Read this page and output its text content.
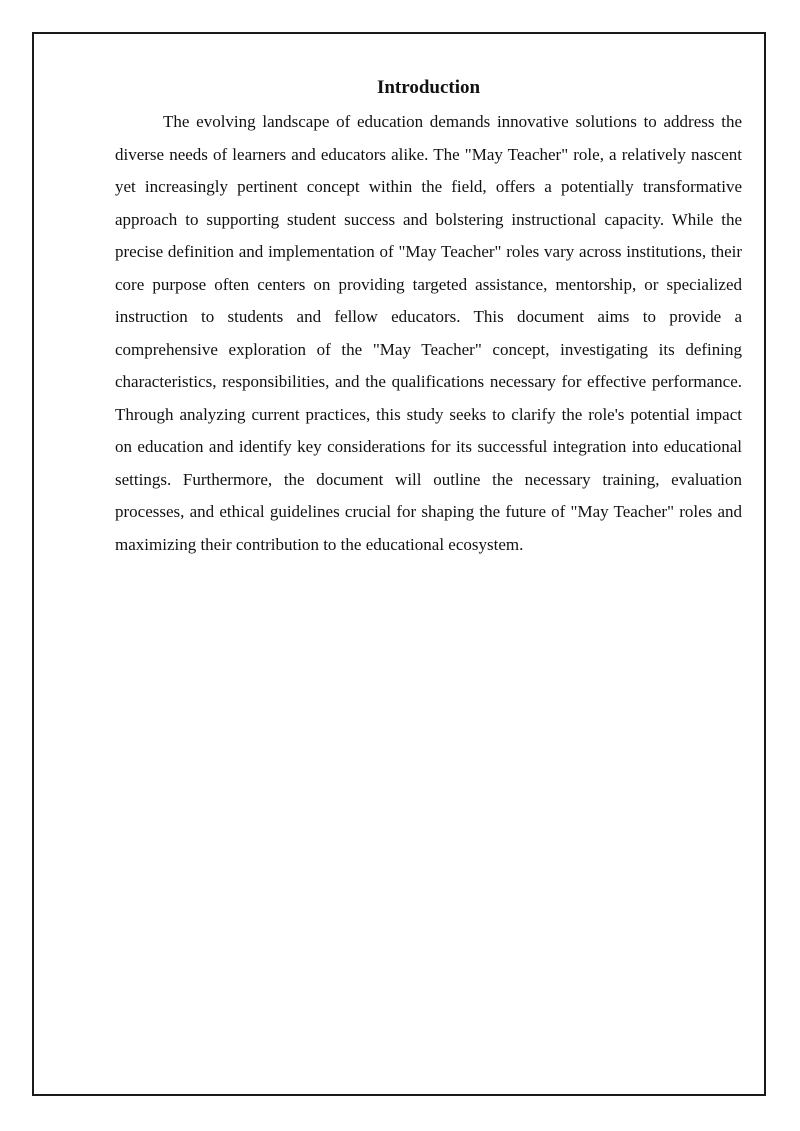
Introduction

The evolving landscape of education demands innovative solutions to address the diverse needs of learners and educators alike. The "May Teacher" role, a relatively nascent yet increasingly pertinent concept within the field, offers a potentially transformative approach to supporting student success and bolstering instructional capacity. While the precise definition and implementation of "May Teacher" roles vary across institutions, their core purpose often centers on providing targeted assistance, mentorship, or specialized instruction to students and fellow educators. This document aims to provide a comprehensive exploration of the "May Teacher" concept, investigating its defining characteristics, responsibilities, and the qualifications necessary for effective performance. Through analyzing current practices, this study seeks to clarify the role's potential impact on education and identify key considerations for its successful integration into educational settings. Furthermore, the document will outline the necessary training, evaluation processes, and ethical guidelines crucial for shaping the future of "May Teacher" roles and maximizing their contribution to the educational ecosystem.
